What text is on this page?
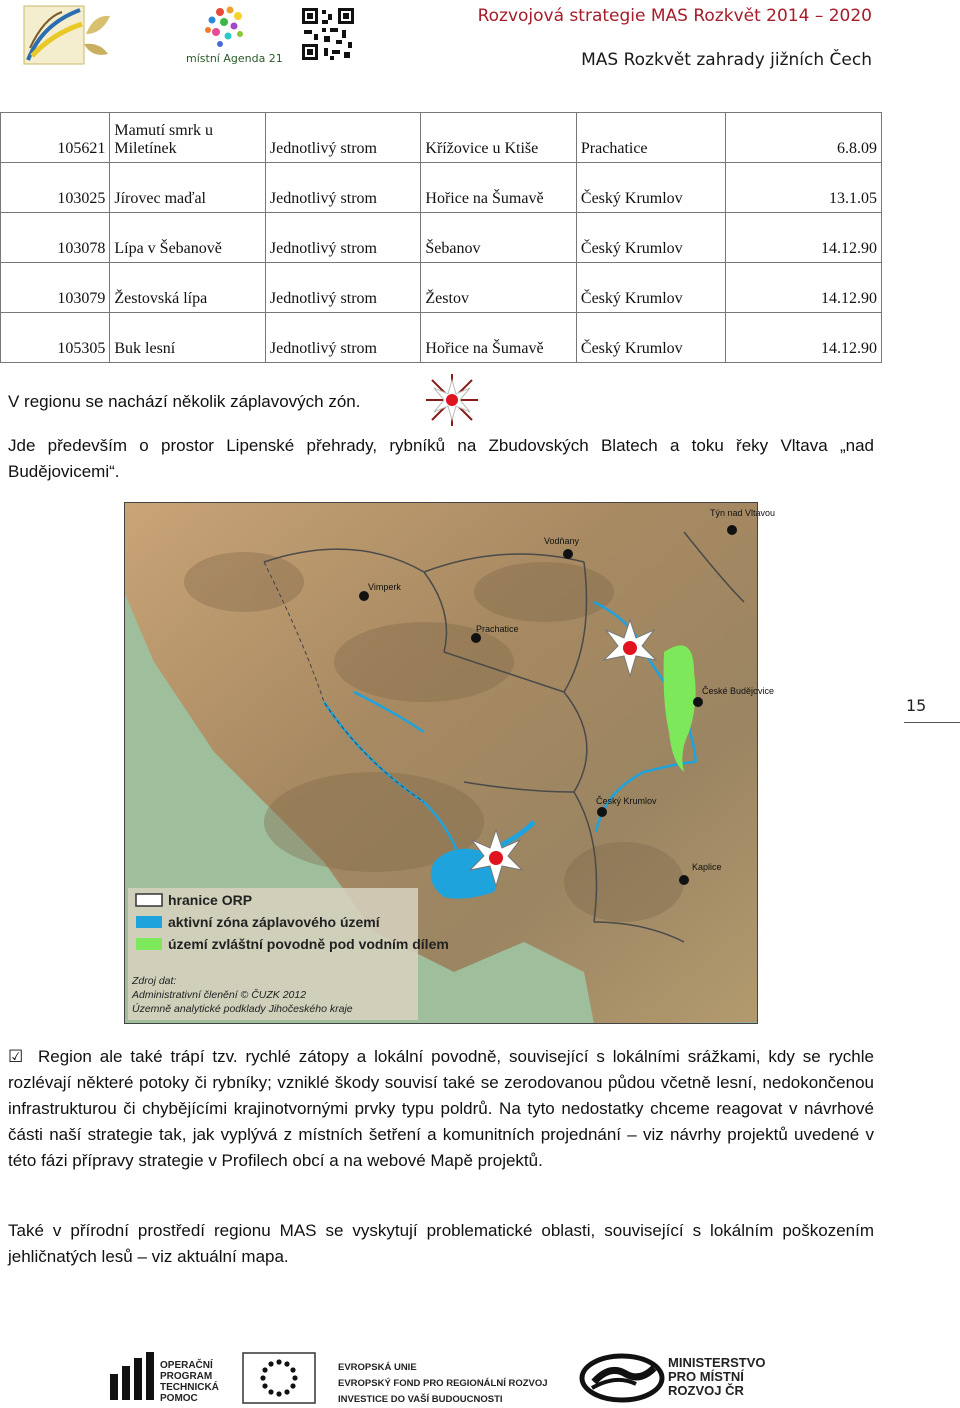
místní Agenda 21
Rozvojová strategie MAS Rozkvět 2014 – 2020
MAS Rozkvět zahrady jižních Čech
105621	Mamutí smrk u Miletínek	Jednotlivý strom	Křížovice u Ktiše	Prachatice	6.8.09
103025	Jírovec maďal	Jednotlivý strom	Hořice na Šumavě	Český Krumlov	13.1.05
103078	Lípa v Šebanově	Jednotlivý strom	Šebanov	Český Krumlov	14.12.90
103079	Žestovská lípa	Jednotlivý strom	Žestov	Český Krumlov	14.12.90
105305	Buk lesní	Jednotlivý strom	Hořice na Šumavě	Český Krumlov	14.12.90
V regionu se nachází několik záplavových zón.
Jde především o prostor Lipenské přehrady, rybníků na Zbudovských Blatech a toku řeky Vltava „nad Budějovicemi“.
Týn nad Vltavou
Vodňany
Vimperk
Prachatice
České Budějovice
Český Krumlov
Kaplice
hranice ORP
aktivní zóna záplavového území
území zvláštní povodně pod vodním dílem
Zdroj dat:
Administrativní členění © ČUZK 2012
Územně analytické podklady Jihočeského kraje
15
☑ Region ale také trápí tzv. rychlé zátopy a lokální povodně, související s lokálními srážkami, kdy se rychle rozlévají některé potoky či rybníky; vzniklé škody souvisí také se zerodovanou půdou včetně lesní, nedokončenou infrastrukturou či chybějícími krajinotvornými prvky typu poldrů. Na tyto nedostatky chceme reagovat v návrhové části naší strategie tak, jak vyplývá z místních šetření a komunitních projednání – viz návrhy projektů uvedené v této fázi přípravy strategie v Profilech obcí a na webové Mapě projektů.
Také v přírodní prostředí regionu MAS se vyskytují problematické oblasti, související s lokálním poškozením jehličnatých lesů – viz aktuální mapa.
OPERAČNÍ
PROGRAM
TECHNICKÁ
POMOC
EVROPSKÁ UNIE
EVROPSKÝ FOND PRO REGIONÁLNÍ ROZVOJ
INVESTICE DO VAŠÍ BUDOUCNOSTI
MINISTERSTVO
PRO MÍSTNÍ
ROZVOJ ČR
